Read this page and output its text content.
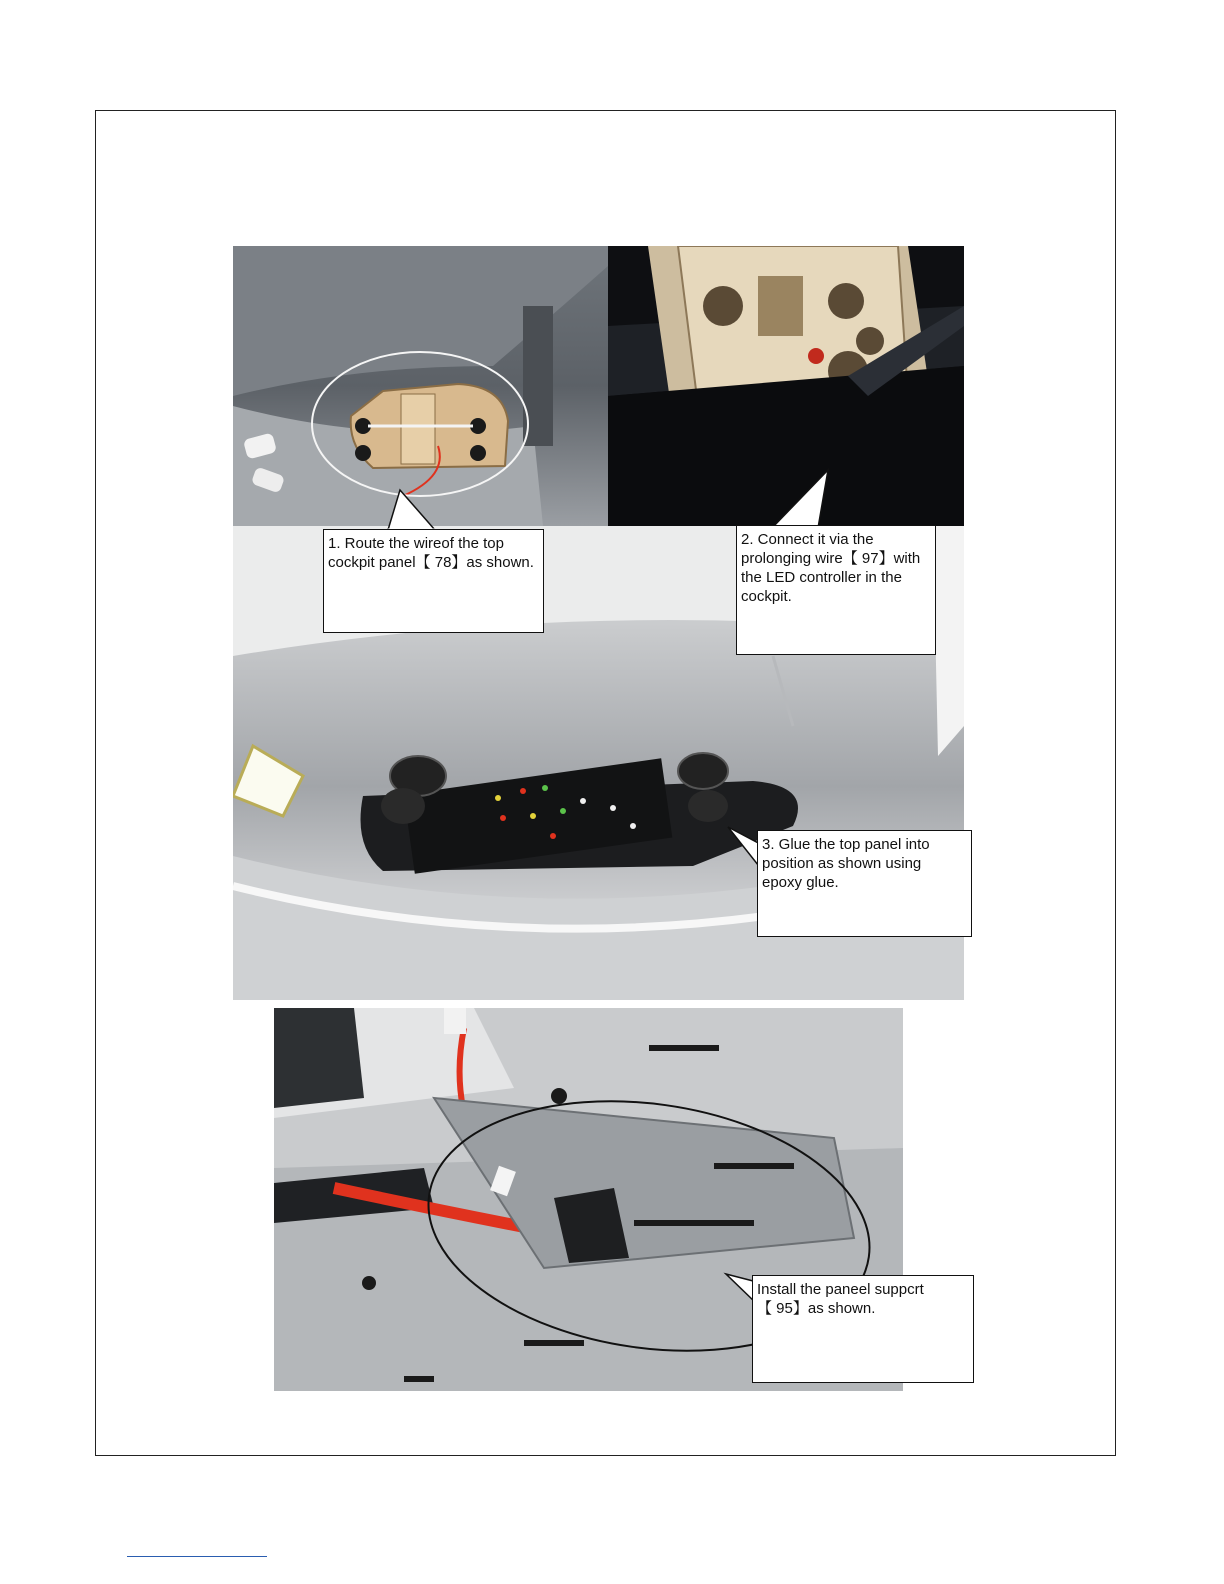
1. Route the wireof the top
cockpit panel【 78】as shown.
2. Connect it via the
prolonging wire【 97】with
the LED controller in the
cockpit.
3. Glue the top panel into
position as shown using
epoxy glue.
Install the paneel suppcrt
【 95】as shown.
